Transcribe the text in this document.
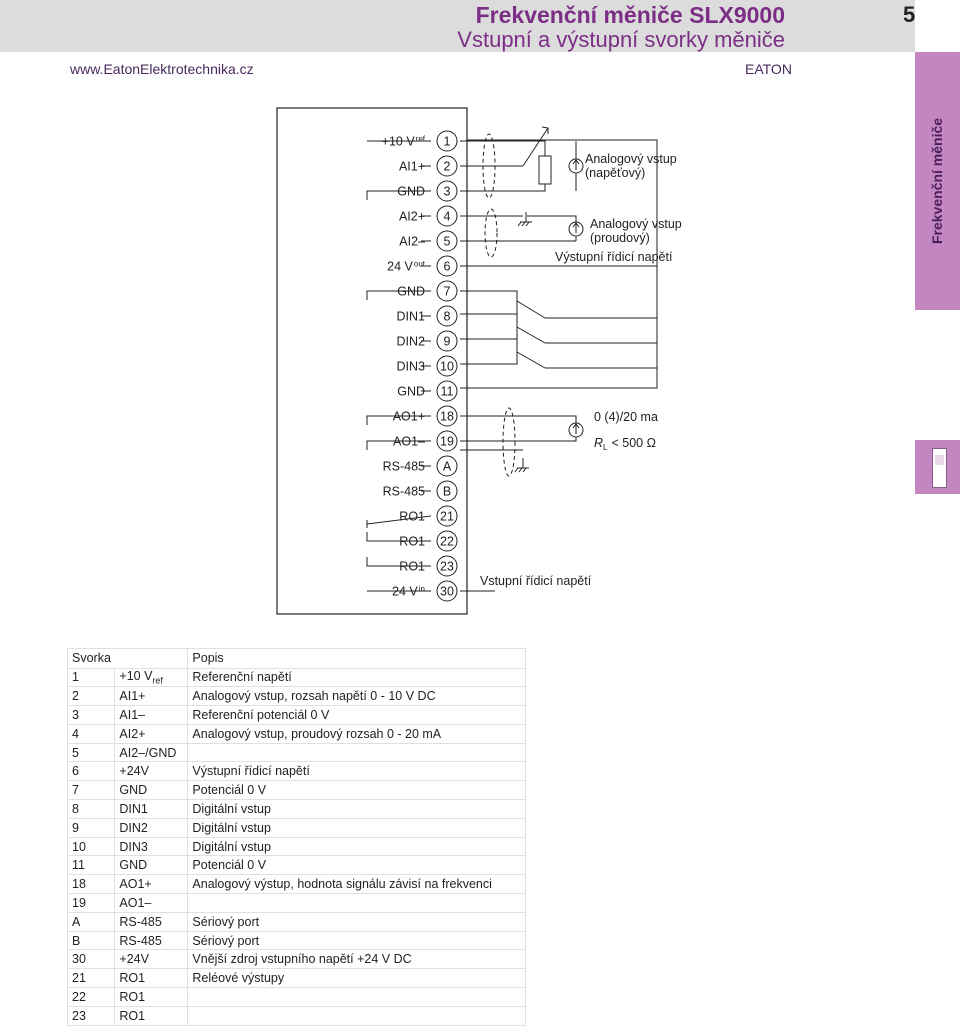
Frekvenční měniče SLX9000
Vstupní a výstupní svorky měniče
5
www.EatonElektrotechnika.cz	EATON
Frekvenční měniče
1
+10 $V^{ref}$
2
AI1+
3
GND
4
AI2+
5
AI2–
6
24 $V^{out}$
7
GND
8
DIN1
9
DIN2
10
DIN3
11
GND
18
AO1+
19
AO1–
A
RS-485
B
RS-485
21
RO1
22
RO1
23
RO1
30
24 $V^{in}$
Analogový vstup (napěťový)
Analogový vstup (proudový)
Výstupní řídicí napětí
0 (4)/20 ma
$R_L < 500$ Ω
Vstupní řídicí napětí
Svorka		Popis
1	+10 $V_{ref}$	Referenční napětí
2	AI1+	Analogový vstup, rozsah napětí 0 - 10 V DC
3	AI1–	Referenční potenciál 0 V
4	AI2+	Analogový vstup, proudový rozsah 0 - 20 mA
5	AI2–/GND	
6	+24V	Výstupní řídicí napětí
7	GND	Potenciál 0 V
8	DIN1	Digitální vstup
9	DIN2	Digitální vstup
10	DIN3	Digitální vstup
11	GND	Potenciál 0 V
18	AO1+	Analogový výstup, hodnota signálu závisí na frekvenci
19	AO1–	
A	RS-485	Sériový port
B	RS-485	Sériový port
30	+24V	Vnější zdroj vstupního napětí +24 V DC
21	RO1	Reléové výstupy
22	RO1	
23	RO1	
